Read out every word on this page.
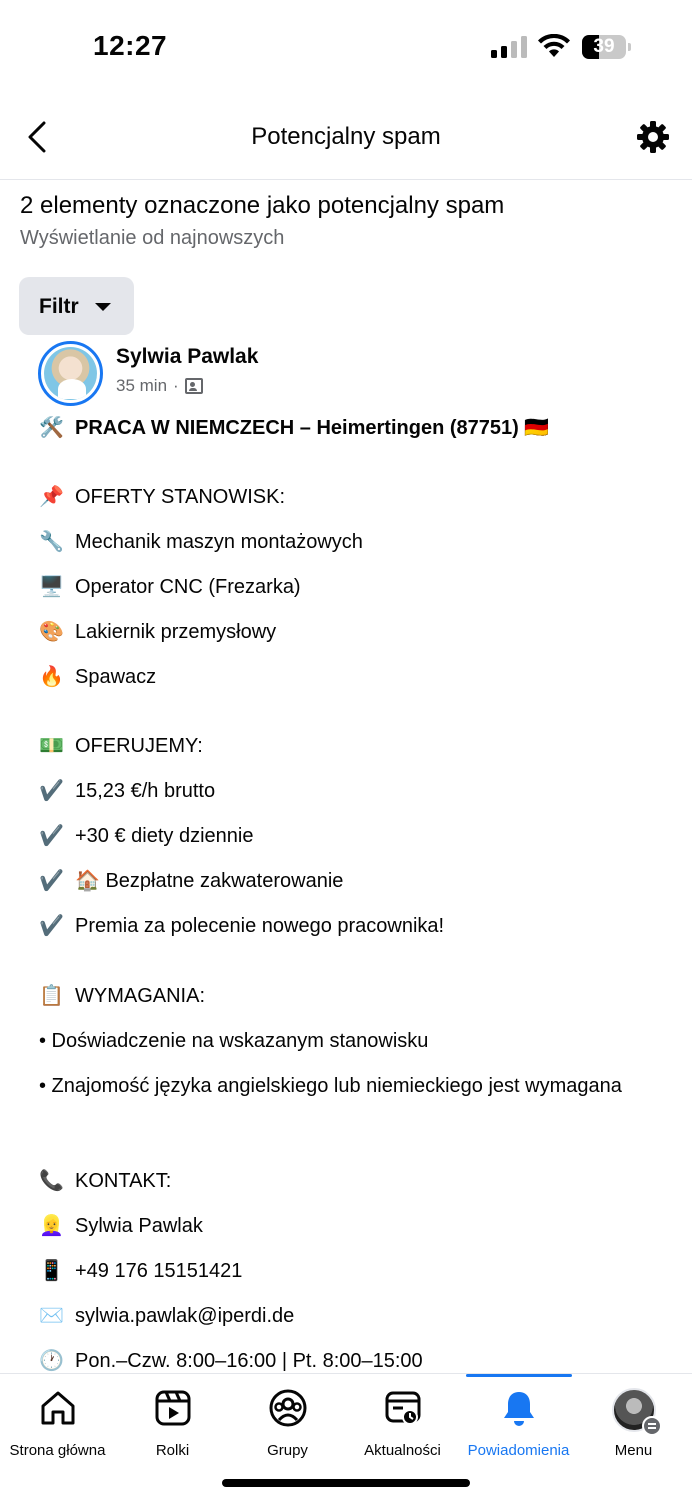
12:27	39
Potencjalny spam
2 elementy oznaczone jako potencjalny spam
Wyświetlanie od najnowszych
Filtr
Sylwia Pawlak
35 min ·
🛠️ PRACA W NIEMCZECH – Heimertingen (87751) 🇩🇪
📌 OFERTY STANOWISK:
🔧 Mechanik maszyn montażowych
🖥️ Operator CNC (Frezarka)
🎨 Lakiernik przemysłowy
🔥 Spawacz
💵 OFERUJEMY:
✔️ 15,23 €/h brutto
✔️ +30 € diety dziennie
✔️ 🏠 Bezpłatne zakwaterowanie
✔️ Premia za polecenie nowego pracownika!
📋 WYMAGANIA:
• Doświadczenie na wskazanym stanowisku
• Znajomość języka angielskiego lub niemieckiego jest wymagana
📞 KONTAKT:
👱‍♀️ Sylwia Pawlak
📱 +49 176 15151421
✉️ sylwia.pawlak@iperdi.de
🕐 Pon.–Czw. 8:00–16:00 | Pt. 8:00–15:00
Strona główna	Rolki	Grupy	Aktualności	Powiadomienia	Menu
